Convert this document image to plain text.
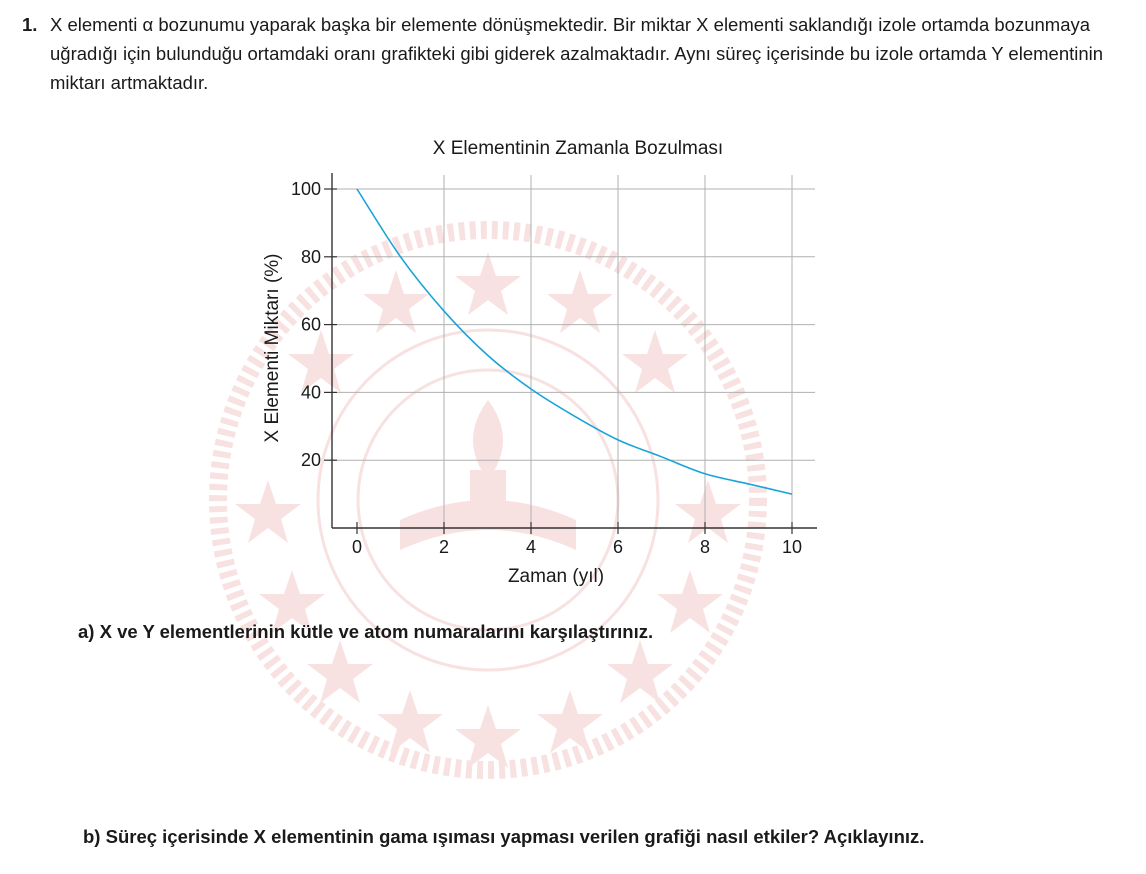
1. X elementi α bozunumu yaparak başka bir elemente dönüşmektedir. Bir miktar X elementi saklandığı izole ortamda bozunmaya uğradığı için bulunduğu ortamdaki oranı grafikteki gibi giderek azalmaktadır. Aynı süreç içerisinde bu izole ortamda Y elementinin miktarı artmaktadır.
0	2	4	6	8	10
20
40
60
80
100
X Elementinin Zamanla Bozulması
Zaman (yıl)
X Elementi Miktarı (%)
a) X ve Y elementlerinin kütle ve atom numaralarını karşılaştırınız.
b) Süreç içerisinde X elementinin gama ışıması yapması verilen grafiği nasıl etkiler? Açıklayınız.
